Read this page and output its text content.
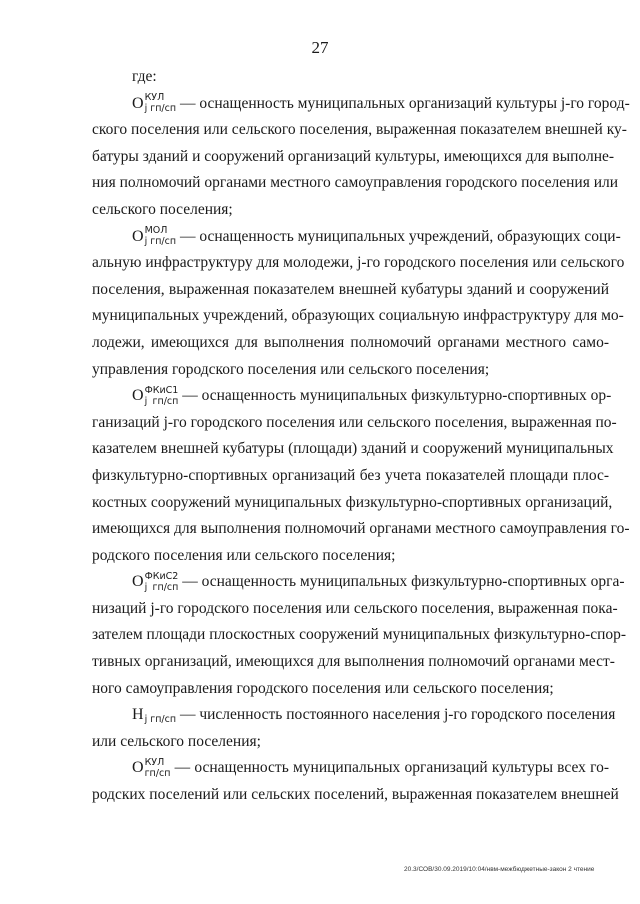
27
где:
О КУЛ
j гп/сп — оснащенность муниципальных организаций культуры j-го город-
ского поселения или сельского поселения, выраженная показателем внешней ку-
батуры зданий и сооружений организаций культуры, имеющихся для выполне-
ния полномочий органами местного самоуправления городского поселения или
сельского поселения;
О МОЛ
j гп/сп — оснащенность муниципальных учреждений, образующих соци-
альную инфраструктуру для молодежи, j-го городского поселения или сельского
поселения, выраженная показателем внешней кубатуры зданий и сооружений
муниципальных учреждений, образующих социальную инфраструктуру для мо-
лодежи, имеющихся для выполнения полномочий органами местного само-
управления городского поселения или сельского поселения;
О ФКиС1
j гп/сп — оснащенность муниципальных физкультурно-спортивных ор-
ганизаций j-го городского поселения или сельского поселения, выраженная по-
казателем внешней кубатуры (площади) зданий и сооружений муниципальных
физкультурно-спортивных организаций без учета показателей площади плос-
костных сооружений муниципальных физкультурно-спортивных организаций,
имеющихся для выполнения полномочий органами местного самоуправления го-
родского поселения или сельского поселения;
О ФКиС2
j гп/сп — оснащенность муниципальных физкультурно-спортивных орга-
низаций j-го городского поселения или сельского поселения, выраженная пока-
зателем площади плоскостных сооружений муниципальных физкультурно-спор-
тивных организаций, имеющихся для выполнения полномочий органами мест-
ного самоуправления городского поселения или сельского поселения;
Нj гп/сп — численность постоянного населения j-го городского поселения
или сельского поселения;
О КУЛ
гп/сп — оснащенность муниципальных организаций культуры всех го-
родских поселений или сельских поселений, выраженная показателем внешней
20.3/СОВ/30.09.2019/10:04/нвм-межбюджетные-закон 2 чтение
